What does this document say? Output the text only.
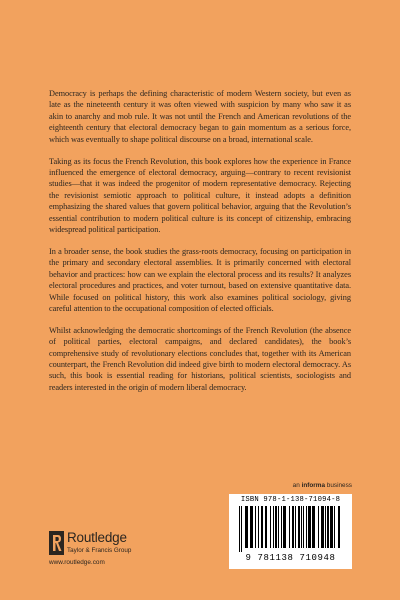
Democracy is perhaps the defining characteristic of modern Western society, but even as late as the nineteenth century it was often viewed with suspicion by many who saw it as akin to anarchy and mob rule. It was not until the French and American revolutions of the eighteenth century that electoral democracy began to gain momentum as a serious force, which was eventually to shape political discourse on a broad, international scale.

Taking as its focus the French Revolution, this book explores how the experience in France influenced the emergence of electoral democracy, arguing—contrary to recent revisionist studies—that it was indeed the progenitor of modern representative democracy. Rejecting the revisionist semiotic approach to political culture, it instead adopts a definition emphasizing the shared values that govern political behavior, arguing that the Revolution’s essential contribution to modern political culture is its concept of citizenship, embracing widespread political participation.

In a broader sense, the book studies the grass-roots democracy, focusing on participation in the primary and secondary electoral assemblies. It is primarily concerned with electoral behavior and practices: how can we explain the electoral process and its results? It analyzes electoral procedures and practices, and voter turnout, based on extensive quantitative data. While focused on political history, this work also examines political sociology, giving careful attention to the occupational composition of elected officials.

Whilst acknowledging the democratic shortcomings of the French Revolution (the absence of political parties, electoral campaigns, and declared candidates), the book’s comprehensive study of revolutionary elections concludes that, together with its American counterpart, the French Revolution did indeed give birth to modern electoral democracy. As such, this book is essential reading for historians, political scientists, sociologists and readers interested in the origin of modern liberal democracy.

an informa business
ISBN 978-1-138-71094-8
9 781138 710948
Routledge
Taylor & Francis Group
www.routledge.com
